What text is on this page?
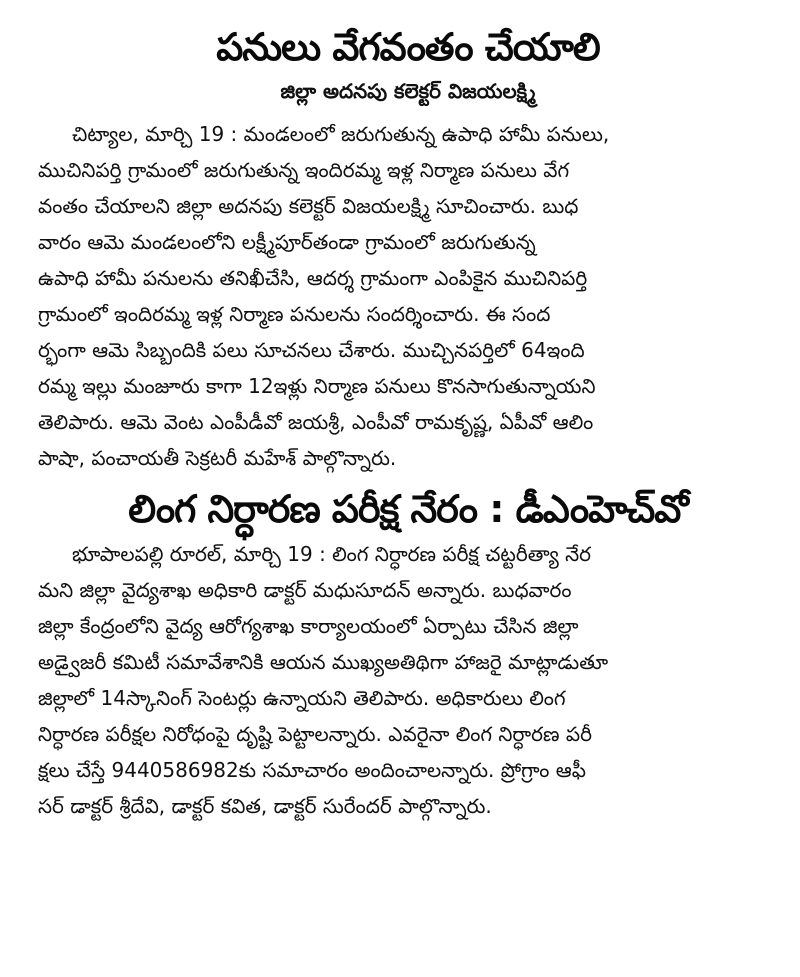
పనులు వేగవంతం చేయాలి
జిల్లా అదనపు కలెక్టర్ విజయలక్ష్మి
చిట్యాల, మార్చి 19 : మండలంలో జరుగుతున్న ఉపాధి హామీ పనులు,
ముచినిపర్తి గ్రామంలో జరుగుతున్న ఇందిరమ్మ ఇళ్ల నిర్మాణ పనులు వేగ
వంతం చేయాలని జిల్లా అదనపు కలెక్టర్ విజయలక్ష్మి సూచించారు. బుధ
వారం ఆమె మండలంలోని లక్ష్మీపూర్‌తండా గ్రామంలో జరుగుతున్న
ఉపాధి హామీ పనులను తనిఖీచేసి, ఆదర్శ గ్రామంగా ఎంపికైన ముచినిపర్తి
గ్రామంలో ఇందిరమ్మ ఇళ్ల నిర్మాణ పనులను సందర్శించారు. ఈ సంద
ర్భంగా ఆమె సిబ్బందికి పలు సూచనలు చేశారు. ముచ్చినపర్తిలో 64ఇంది
రమ్మ ఇల్లు మంజూరు కాగా 12ఇళ్లు నిర్మాణ పనులు కొనసాగుతున్నాయని
తెలిపారు. ఆమె వెంట ఎంపీడీవో జయశ్రీ, ఎంపీవో రామకృష్ణ, ఏపీవో ఆలిం
పాషా, పంచాయతీ సెక్రటరీ మహేశ్ పాల్గొన్నారు.
లింగ నిర్ధారణ పరీక్ష నేరం : డీఎంహెచ్‌వో
భూపాలపల్లి రూరల్, మార్చి 19 : లింగ నిర్ధారణ పరీక్ష చట్టరీత్యా నేర
మని జిల్లా వైద్యశాఖ అధికారి డాక్టర్ మధుసూదన్ అన్నారు. బుధవారం
జిల్లా కేంద్రంలోని వైద్య ఆరోగ్యశాఖ కార్యాలయంలో ఏర్పాటు చేసిన జిల్లా
అడ్వైజరీ కమిటీ సమావేశానికి ఆయన ముఖ్యఅతిథిగా హాజరై మాట్లాడుతూ
జిల్లాలో 14స్కానింగ్ సెంటర్లు ఉన్నాయని తెలిపారు. అధికారులు లింగ
నిర్ధారణ పరీక్షల నిరోధంపై దృష్టి పెట్టాలన్నారు. ఎవరైనా లింగ నిర్ధారణ పరీ
క్షలు చేస్తే 9440586982కు సమాచారం అందించాలన్నారు. ప్రోగ్రాం ఆఫీ
సర్ డాక్టర్ శ్రీదేవి, డాక్టర్ కవిత, డాక్టర్ సురేందర్ పాల్గొన్నారు.
